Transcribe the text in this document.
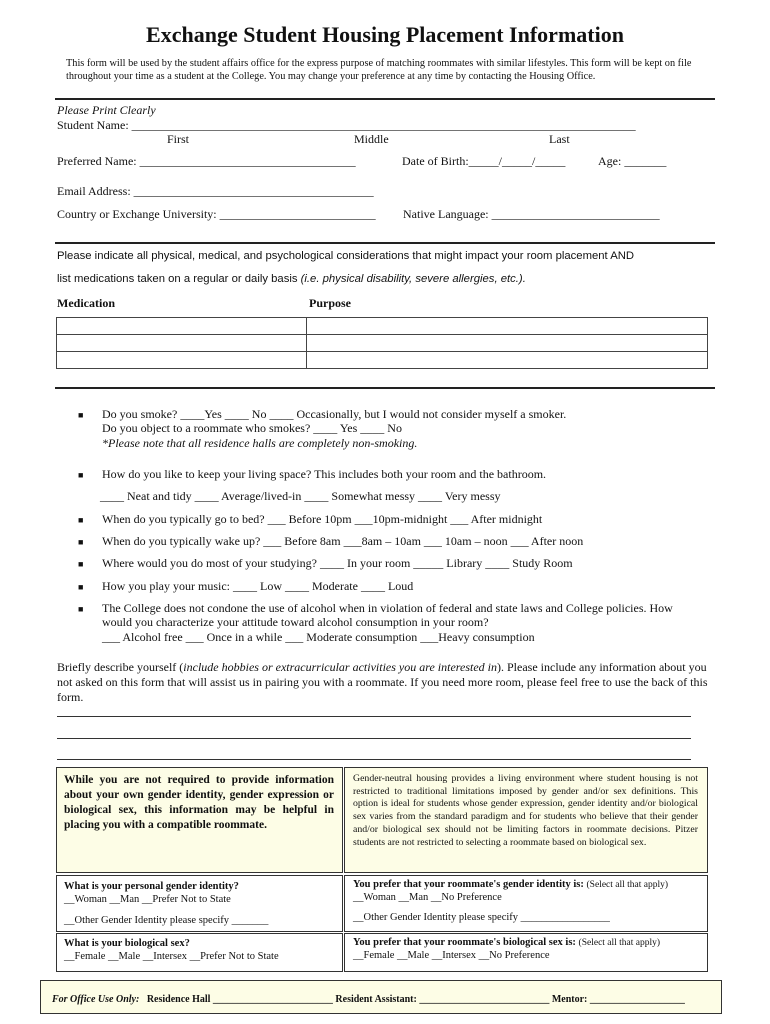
Exchange Student Housing Placement Information
This form will be used by the student affairs office for the express purpose of matching roommates with similar lifestyles. This form will be kept on file throughout your time as a student at the College. You may change your preference at any time by contacting the Housing Office.
Please Print Clearly
Student Name: ____________________________________________________________________________________
First	Middle	Last
Preferred Name: ____________________________________	Date of Birth:_____/_____/_____	Age: _______
Email Address: ________________________________________
Country or Exchange University: __________________________ Native Language: ____________________________
Please indicate all physical, medical, and psychological considerations that might impact your room placement AND
list medications taken on a regular or daily basis (i.e. physical disability, severe allergies, etc.).
Medication	Purpose

■ Do you smoke? ____Yes ____ No ____ Occasionally, but I would not consider myself a smoker.
Do you object to a roommate who smokes? ____ Yes ____ No
*Please note that all residence halls are completely non-smoking.
■ How do you like to keep your living space? This includes both your room and the bathroom.
____ Neat and tidy ____ Average/lived-in ____ Somewhat messy ____ Very messy
■ When do you typically go to bed? ___ Before 10pm ___10pm-midnight ___ After midnight
■ When do you typically wake up? ___ Before 8am ___8am – 10am ___ 10am – noon ___ After noon
■ Where would you do most of your studying? ____ In your room _____ Library ____ Study Room
■ How you play your music: ____ Low ____ Moderate ____ Loud
■ The College does not condone the use of alcohol when in violation of federal and state laws and College policies. How
would you characterize your attitude toward alcohol consumption in your room?
___ Alcohol free ___ Once in a while ___ Moderate consumption ___Heavy consumption
Briefly describe yourself (include hobbies or extracurricular activities you are interested in). Please include any information about you not asked on this form that will assist us in pairing you with a roommate. If you need more room, please feel free to use the back of this form.
While you are not required to provide information about your own gender identity, gender expression or biological sex, this information may be helpful in placing you with a compatible roommate.
Gender-neutral housing provides a living environment where student housing is not restricted to traditional limitations imposed by gender and/or sex definitions. This option is ideal for students whose gender expression, gender identity and/or biological sex varies from the standard paradigm and for students who believe that their gender and/or biological sex should not be limiting factors in roommate decisions. Pitzer students are not restricted to selecting a roommate based on biological sex.
What is your personal gender identity?
__Woman __Man __Prefer Not to State
__Other Gender Identity please specify _______
You prefer that your roommate's gender identity is: (Select all that apply)
__Woman __Man __No Preference
__Other Gender Identity please specify _________________
What is your biological sex?
__Female __Male __Intersex __Prefer Not to State
You prefer that your roommate's biological sex is: (Select all that apply)
__Female __Male __Intersex __No Preference
For Office Use Only: Residence Hall ________________________ Resident Assistant: __________________________ Mentor: ___________________
